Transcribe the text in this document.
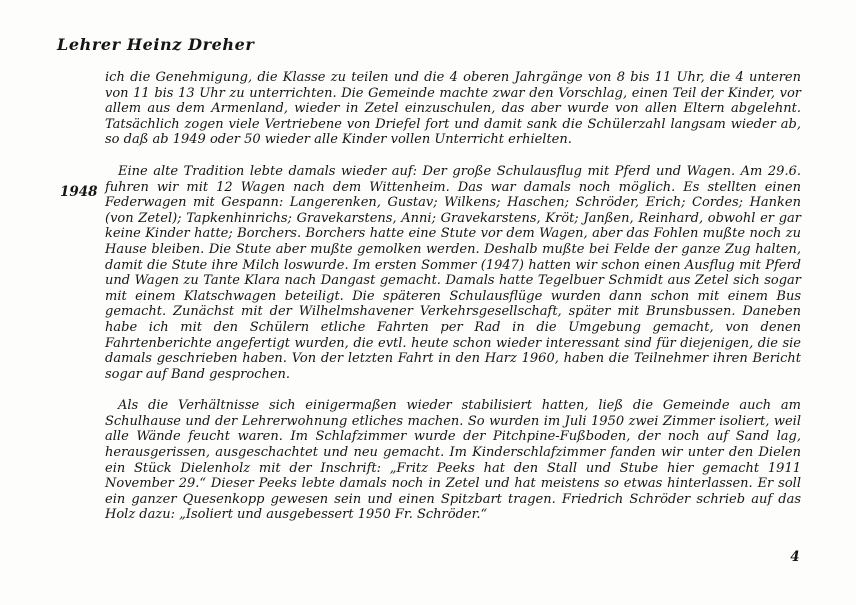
Lehrer Heinz Dreher
1948

ich die Genehmigung, die Klasse zu teilen und die 4 oberen Jahrgänge von 8 bis 11 Uhr, die 4 unteren von 11 bis 13 Uhr zu unterrichten. Die Gemeinde machte zwar den Vorschlag, einen Teil der Kinder, vor allem aus dem Armenland, wieder in Zetel einzuschulen, das aber wurde von allen Eltern abgelehnt. Tatsächlich zogen viele Vertriebene von Driefel fort und damit sank die Schülerzahl langsam wieder ab, so daß ab 1949 oder 50 wieder alle Kinder vollen Unterricht erhielten.

Eine alte Tradition lebte damals wieder auf: Der große Schulausflug mit Pferd und Wagen. Am 29.6. fuhren wir mit 12 Wagen nach dem Wittenheim. Das war damals noch möglich. Es stellten einen Federwagen mit Gespann: Langerenken, Gustav; Wilkens; Haschen; Schröder, Erich; Cordes; Hanken (von Zetel); Tapkenhinrichs; Gravekarstens, Anni; Gravekarstens, Kröt; Janßen, Reinhard, obwohl er gar keine Kinder hatte; Borchers. Borchers hatte eine Stute vor dem Wagen, aber das Fohlen mußte noch zu Hause bleiben. Die Stute aber mußte gemolken werden. Deshalb mußte bei Felde der ganze Zug halten, damit die Stute ihre Milch loswurde. Im ersten Sommer (1947) hatten wir schon einen Ausflug mit Pferd und Wagen zu Tante Klara nach Dangast gemacht. Damals hatte Tegelbuer Schmidt aus Zetel sich sogar mit einem Klatschwagen beteiligt. Die späteren Schulausflüge wurden dann schon mit einem Bus gemacht. Zunächst mit der Wilhelmshavener Verkehrsgesellschaft, später mit Brunsbussen. Daneben habe ich mit den Schülern etliche Fahrten per Rad in die Umgebung gemacht, von denen Fahrtenberichte angefertigt wurden, die evtl. heute schon wieder interessant sind für diejenigen, die sie damals geschrieben haben. Von der letzten Fahrt in den Harz 1960, haben die Teilnehmer ihren Bericht sogar auf Band gesprochen.

Als die Verhältnisse sich einigermaßen wieder stabilisiert hatten, ließ die Gemeinde auch am Schulhause und der Lehrerwohnung etliches machen. So wurden im Juli 1950 zwei Zimmer isoliert, weil alle Wände feucht waren. Im Schlafzimmer wurde der Pitchpine-Fußboden, der noch auf Sand lag, herausgerissen, ausgeschachtet und neu gemacht. Im Kinderschlafzimmer fanden wir unter den Dielen ein Stück Dielenholz mit der Inschrift: „Fritz Peeks hat den Stall und Stube hier gemacht 1911 November 29.“ Dieser Peeks lebte damals noch in Zetel und hat meistens so etwas hinterlassen. Er soll ein ganzer Quesenkopp gewesen sein und einen Spitzbart tragen. Friedrich Schröder schrieb auf das Holz dazu: „Isoliert und ausgebessert 1950 Fr. Schröder.“

4
